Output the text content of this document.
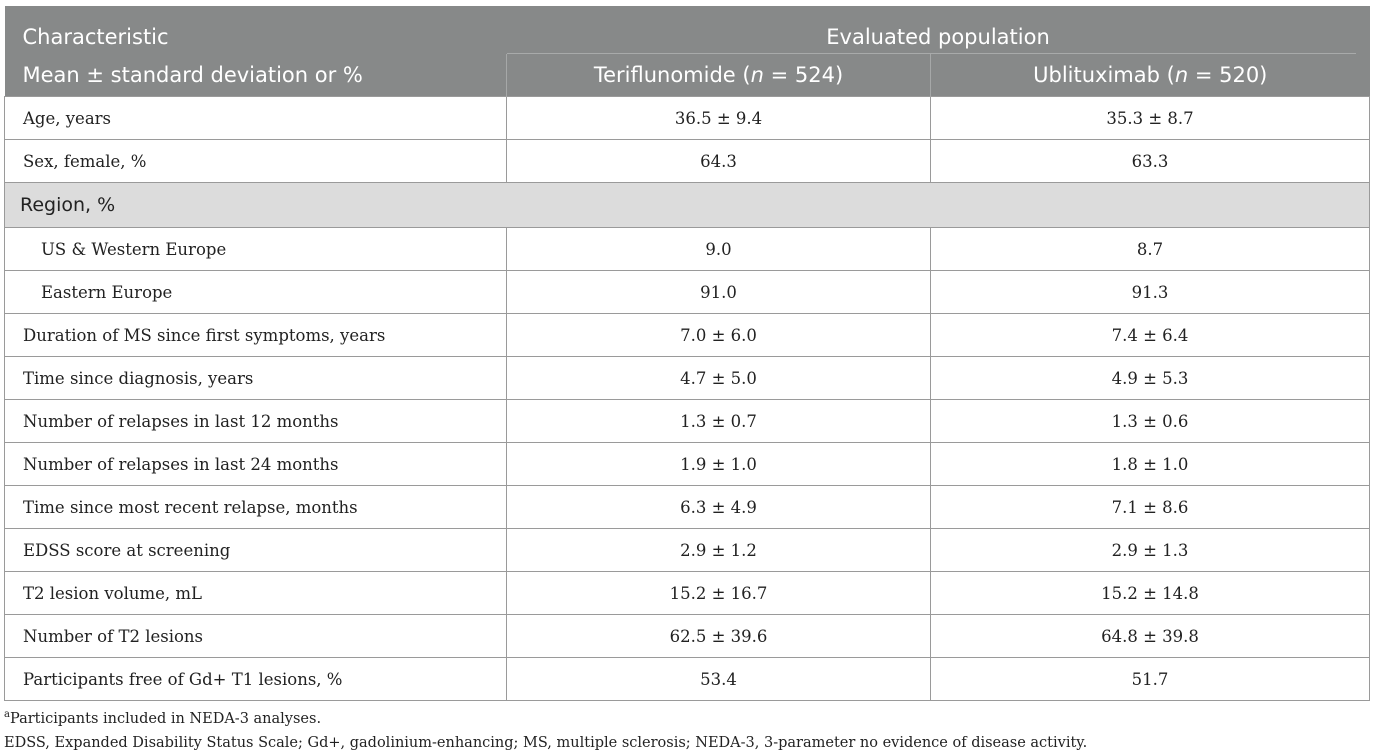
Characteristic	Evaluated population	

Mean ± standard deviation or %	Teriflunomide (n = 524)	Ublituximab (n = 520)
Age, years	36.5 ± 9.4	35.3 ± 8.7
Sex, female, %	64.3	63.3
Region, %		
US & Western Europe	9.0	8.7
Eastern Europe	91.0	91.3
Duration of MS since first symptoms, years	7.0 ± 6.0	7.4 ± 6.4
Time since diagnosis, years	4.7 ± 5.0	4.9 ± 5.3
Number of relapses in last 12 months	1.3 ± 0.7	1.3 ± 0.6
Number of relapses in last 24 months	1.9 ± 1.0	1.8 ± 1.0
Time since most recent relapse, months	6.3 ± 4.9	7.1 ± 8.6
EDSS score at screening	2.9 ± 1.2	2.9 ± 1.3
T2 lesion volume, mL	15.2 ± 16.7	15.2 ± 14.8
Number of T2 lesions	62.5 ± 39.6	64.8 ± 39.8
Participants free of Gd+ T1 lesions, %	53.4	51.7
$^a$Participants included in NEDA-3 analyses.
EDSS, Expanded Disability Status Scale; Gd+, gadolinium-enhancing; MS, multiple sclerosis; NEDA-3, 3-parameter no evidence of disease activity.
